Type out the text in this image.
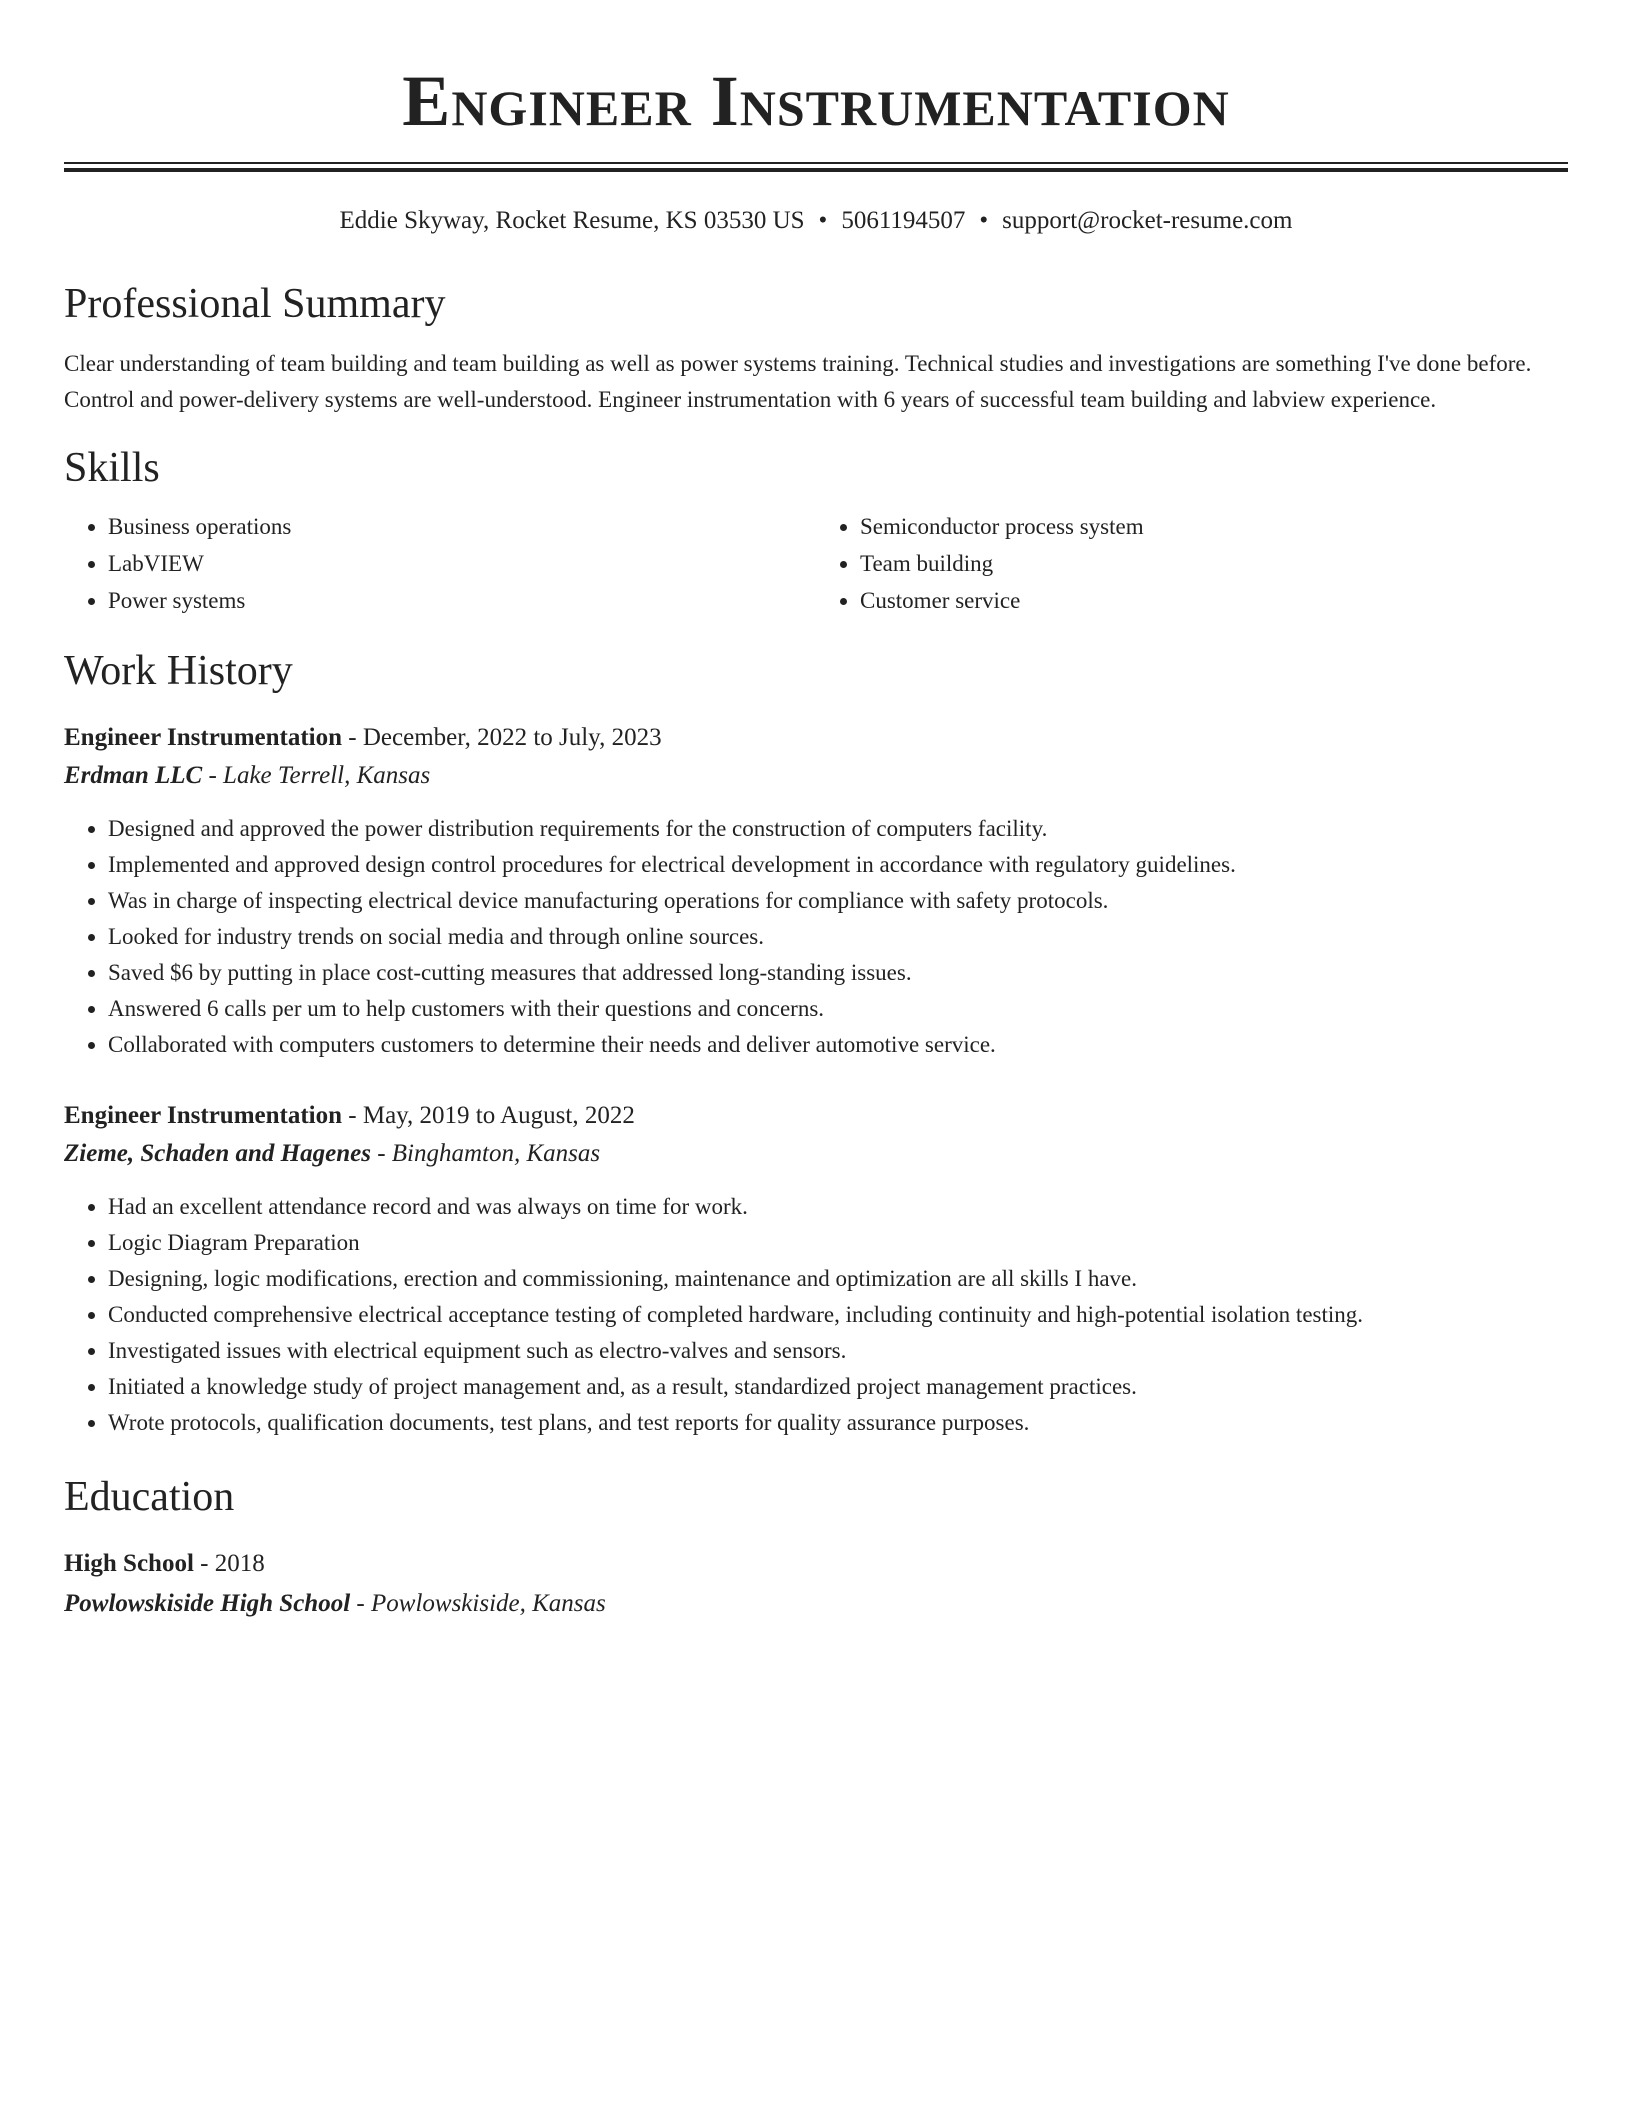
Engineer Instrumentation
Eddie Skyway, Rocket Resume, KS 03530 US • 5061194507 • support@rocket-resume.com
Professional Summary
Clear understanding of team building and team building as well as power systems training. Technical studies and investigations are something I've done before. Control and power-delivery systems are well-understood. Engineer instrumentation with 6 years of successful team building and labview experience.
Skills
• Business operations
• LabVIEW
• Power systems
• Semiconductor process system
• Team building
• Customer service
Work History
Engineer Instrumentation - December, 2022 to July, 2023
Erdman LLC - Lake Terrell, Kansas
• Designed and approved the power distribution requirements for the construction of computers facility.
• Implemented and approved design control procedures for electrical development in accordance with regulatory guidelines.
• Was in charge of inspecting electrical device manufacturing operations for compliance with safety protocols.
• Looked for industry trends on social media and through online sources.
• Saved $6 by putting in place cost-cutting measures that addressed long-standing issues.
• Answered 6 calls per um to help customers with their questions and concerns.
• Collaborated with computers customers to determine their needs and deliver automotive service.
Engineer Instrumentation - May, 2019 to August, 2022
Zieme, Schaden and Hagenes - Binghamton, Kansas
• Had an excellent attendance record and was always on time for work.
• Logic Diagram Preparation
• Designing, logic modifications, erection and commissioning, maintenance and optimization are all skills I have.
• Conducted comprehensive electrical acceptance testing of completed hardware, including continuity and high-potential isolation testing.
• Investigated issues with electrical equipment such as electro-valves and sensors.
• Initiated a knowledge study of project management and, as a result, standardized project management practices.
• Wrote protocols, qualification documents, test plans, and test reports for quality assurance purposes.
Education
High School - 2018
Powlowskiside High School - Powlowskiside, Kansas
